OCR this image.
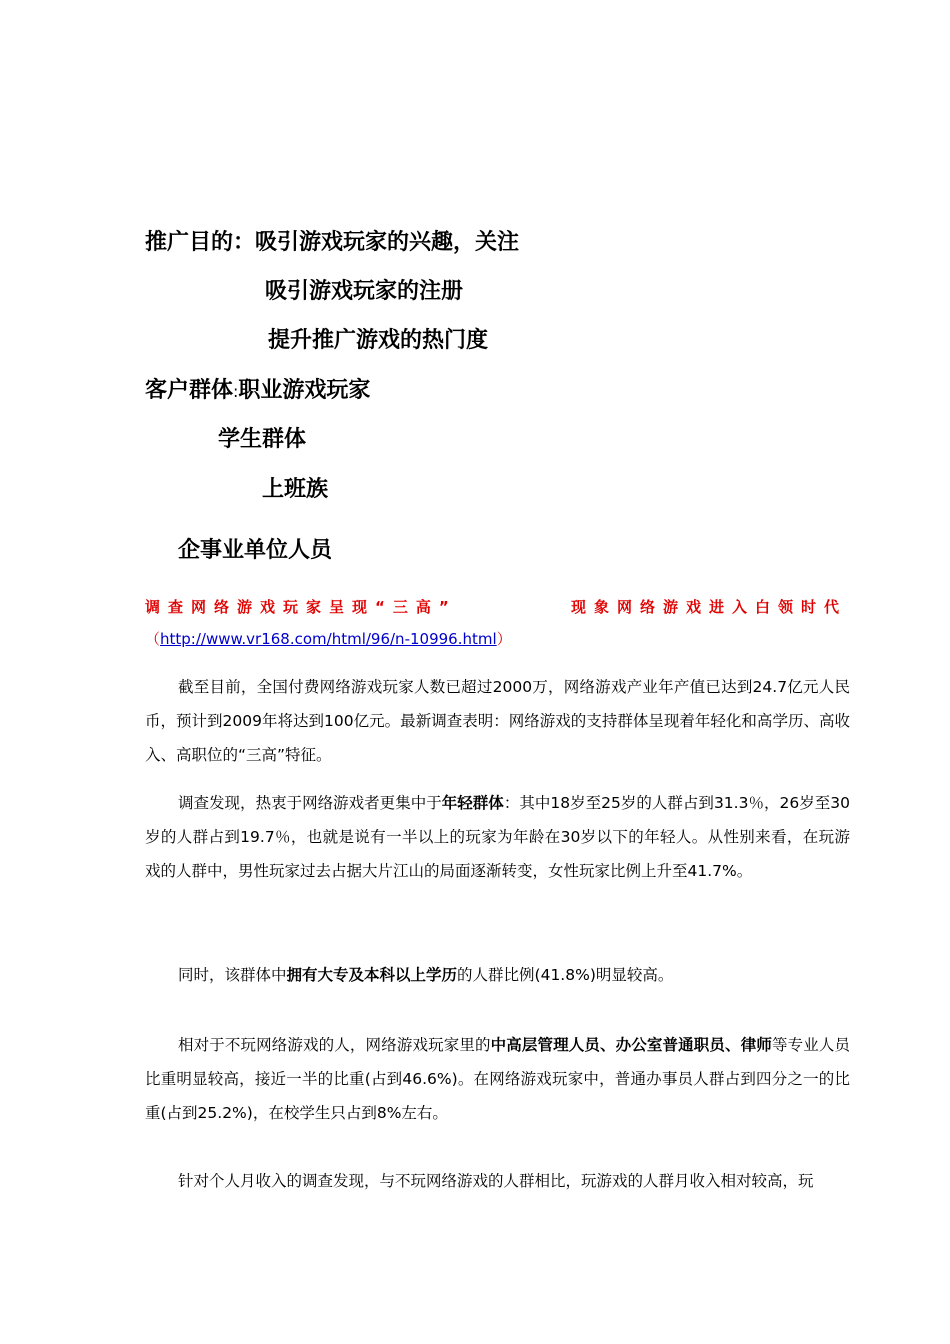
推广目的：吸引游戏玩家的兴趣，关注
吸引游戏玩家的注册
提升推广游戏的热门度
客户群体:职业游戏玩家
学生群体
上班族
企事业单位人员
调查网络游戏玩家呈现“三高”	现象网络游戏进入白领时代
（http://www.vr168.com/html/96/n-10996.html）

截至目前，全国付费网络游戏玩家人数已超过2000万，网络游戏产业年产值已达到24.7亿元人民币，预计到2009年将达到100亿元。最新调查表明：网络游戏的支持群体呈现着年轻化和高学历、高收入、高职位的“三高”特征。

调查发现，热衷于网络游戏者更集中于年轻群体：其中18岁至25岁的人群占到31.3％，26岁至30岁的人群占到19.7％，也就是说有一半以上的玩家为年龄在30岁以下的年轻人。从性别来看，在玩游戏的人群中，男性玩家过去占据大片江山的局面逐渐转变，女性玩家比例上升至41.7%。

同时，该群体中拥有大专及本科以上学历的人群比例(41.8%)明显较高。

相对于不玩网络游戏的人，网络游戏玩家里的中高层管理人员、办公室普通职员、律师等专业人员比重明显较高，接近一半的比重(占到46.6%)。在网络游戏玩家中，普通办事员人群占到四分之一的比重(占到25.2%)，在校学生只占到8%左右。

针对个人月收入的调查发现，与不玩网络游戏的人群相比，玩游戏的人群月收入相对较高，玩
